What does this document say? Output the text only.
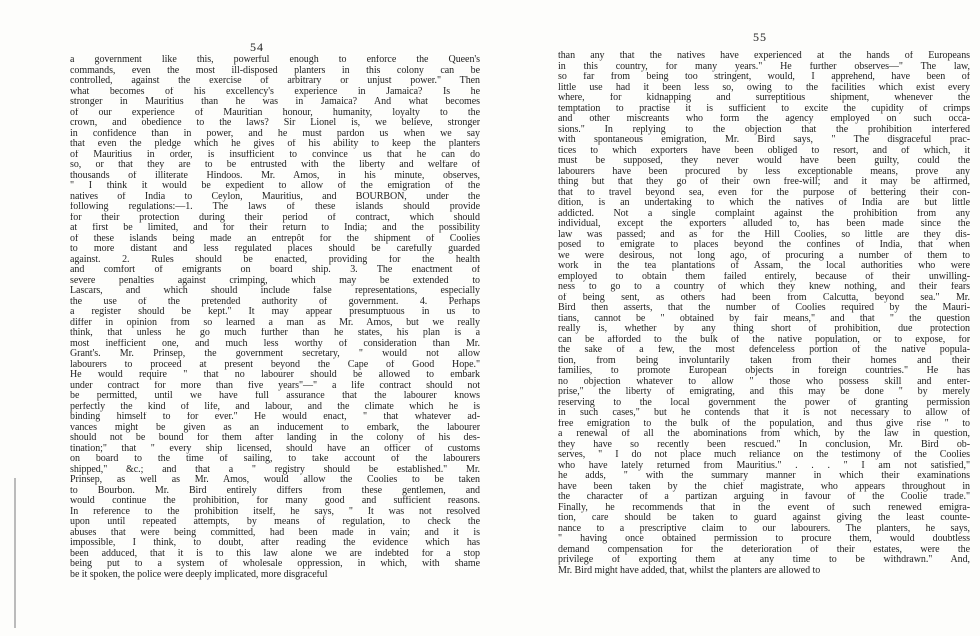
54
a government like this, powerful enough to enforce the Queen's
commands, even the most ill-disposed planters in this colony can be
controlled, against the exercise of arbitrary or unjust power." Then
what becomes of his excellency's experience in Jamaica? Is he
stronger in Mauritius than he was in Jamaica? And what becomes
of our experience of Mauritian honour, humanity, loyalty to the
crown, and obedience to the laws? Sir Lionel is, we believe, stronger
in confidence than in power, and he must pardon us when we say
that even the pledge which he gives of his ability to keep the planters
of Mauritius in order, is insufficient to convince us that he can do
so, or that they are to be entrusted with the liberty and welfare of
thousands of illiterate Hindoos. Mr. Amos, in his minute, observes,
" I think it would be expedient to allow of the emigration of the
natives of India to Ceylon, Mauritius, and BOURBON, under the
following regulations:—1. The laws of these islands should provide
for their protection during their period of contract, which should
at first be limited, and for their return to India; and the possibility
of these islands being made an entrepôt for the shipment of Coolies
to more distant and less regulated places should be carefully guarded
against. 2. Rules should be enacted, providing for the health
and comfort of emigrants on board ship. 3. The enactment of
severe penalties against crimping, which may be extended to
Lascars, and which should include false representations, especially
the use of the pretended authority of government. 4. Perhaps
a register should be kept." It may appear presumptuous in us to
differ in opinion from so learned a man as Mr. Amos, but we really
think, that unless he go much further than he states, his plan is a
most inefficient one, and much less worthy of consideration than Mr.
Grant's. Mr. Prinsep, the government secretary, " would not allow
labourers to proceed at present beyond the Cape of Good Hope."
He would require " that no labourer should be allowed to embark
under contract for more than five years"—" a life contract should not
be permitted, until we have full assurance that the labourer knows
perfectly the kind of life, and labour, and the climate which he is
binding himself to for ever." He would enact, " that whatever ad-
vances might be given as an inducement to embark, the labourer
should not be bound for them after landing in the colony of his des-
tination;" that " every ship licensed, should have an officer of customs
on board to the time of sailing, to take account of the labourers
shipped," &c.; and that a " registry should be established." Mr.
Prinsep, as well as Mr. Amos, would allow the Coolies to be taken
to Bourbon. Mr. Bird entirely differs from these gentlemen, and
would continue the prohibition, for many good and sufficient reasons.
In reference to the prohibition itself, he says, " It was not resolved
upon until repeated attempts, by means of regulation, to check the
abuses that were being committed, had been made in vain; and it is
impossible, I think, to doubt, after reading the evidence which has
been adduced, that it is to this law alone we are indebted for a stop
being put to a system of wholesale oppression, in which, with shame
be it spoken, the police were deeply implicated, more disgraceful
55
than any that the natives have experienced at the hands of Europeans
in this country, for many years." He further observes—" The law,
so far from being too stringent, would, I apprehend, have been of
little use had it been less so, owing to the facilities which exist every
where, for kidnapping and surreptitious shipment, whenever the
temptation to practise it is sufficient to excite the cupidity of crimps
and other miscreants who form the agency employed on such occa-
sions." In replying to the objection that the prohibition interfered
with spontaneous emigration, Mr. Bird says, " The disgraceful prac-
tices to which exporters have been obliged to resort, and of which, it
must be supposed, they never would have been guilty, could the
labourers have been procured by less exceptionable means, prove any
thing but that they go of their own free-will; and it may be affirmed,
that to travel beyond sea, even for the purpose of bettering their con-
dition, is an undertaking to which the natives of India are but little
addicted. Not a single complaint against the prohibition from any
individual, except the exporters alluded to, has been made since the
law was passed; and as for the Hill Coolies, so little are they dis-
posed to emigrate to places beyond the confines of India, that when
we were desirous, not long ago, of procuring a number of them to
work in the tea plantations of Assam, the local authorities who were
employed to obtain them failed entirely, because of their unwilling-
ness to go to a country of which they knew nothing, and their fears
of being sent, as others had been from Calcutta, beyond sea." Mr.
Bird then asserts, that the number of Coolies required by the Mauri-
tians, cannot be " obtained by fair means," and that " the question
really is, whether by any thing short of prohibition, due protection
can be afforded to the bulk of the native population, or to expose, for
the sake of a few, the most defenceless portion of the native popula-
tion, from being involuntarily taken from their homes and their
families, to promote European objects in foreign countries." He has
no objection whatever to allow " those who possess skill and enter-
prise," the liberty of emigrating, and this may be done " by merely
reserving to the local government the power of granting permission
in such cases," but he contends that it is not necessary to allow of
free emigration to the bulk of the population, and thus give rise " to
a renewal of all the abominations from which, by the law in question,
they have so recently been rescued." In conclusion, Mr. Bird ob-
serves, " I do not place much reliance on the testimony of the Coolies
who have lately returned from Mauritius." . . . " I am not satisfied,"
he adds, " with the summary manner in which their examinations
have been taken by the chief magistrate, who appears throughout in
the character of a partizan arguing in favour of the Coolie trade."
Finally, he recommends that in the event of such renewed emigra-
tion, care should be taken to guard against giving the least counte-
nance to a prescriptive claim to our labourers. The planters, he says,
" having once obtained permission to procure them, would doubtless
demand compensation for the deterioration of their estates, were the
privilege of exporting them at any time to be withdrawn." And,
Mr. Bird might have added, that, whilst the planters are allowed to
